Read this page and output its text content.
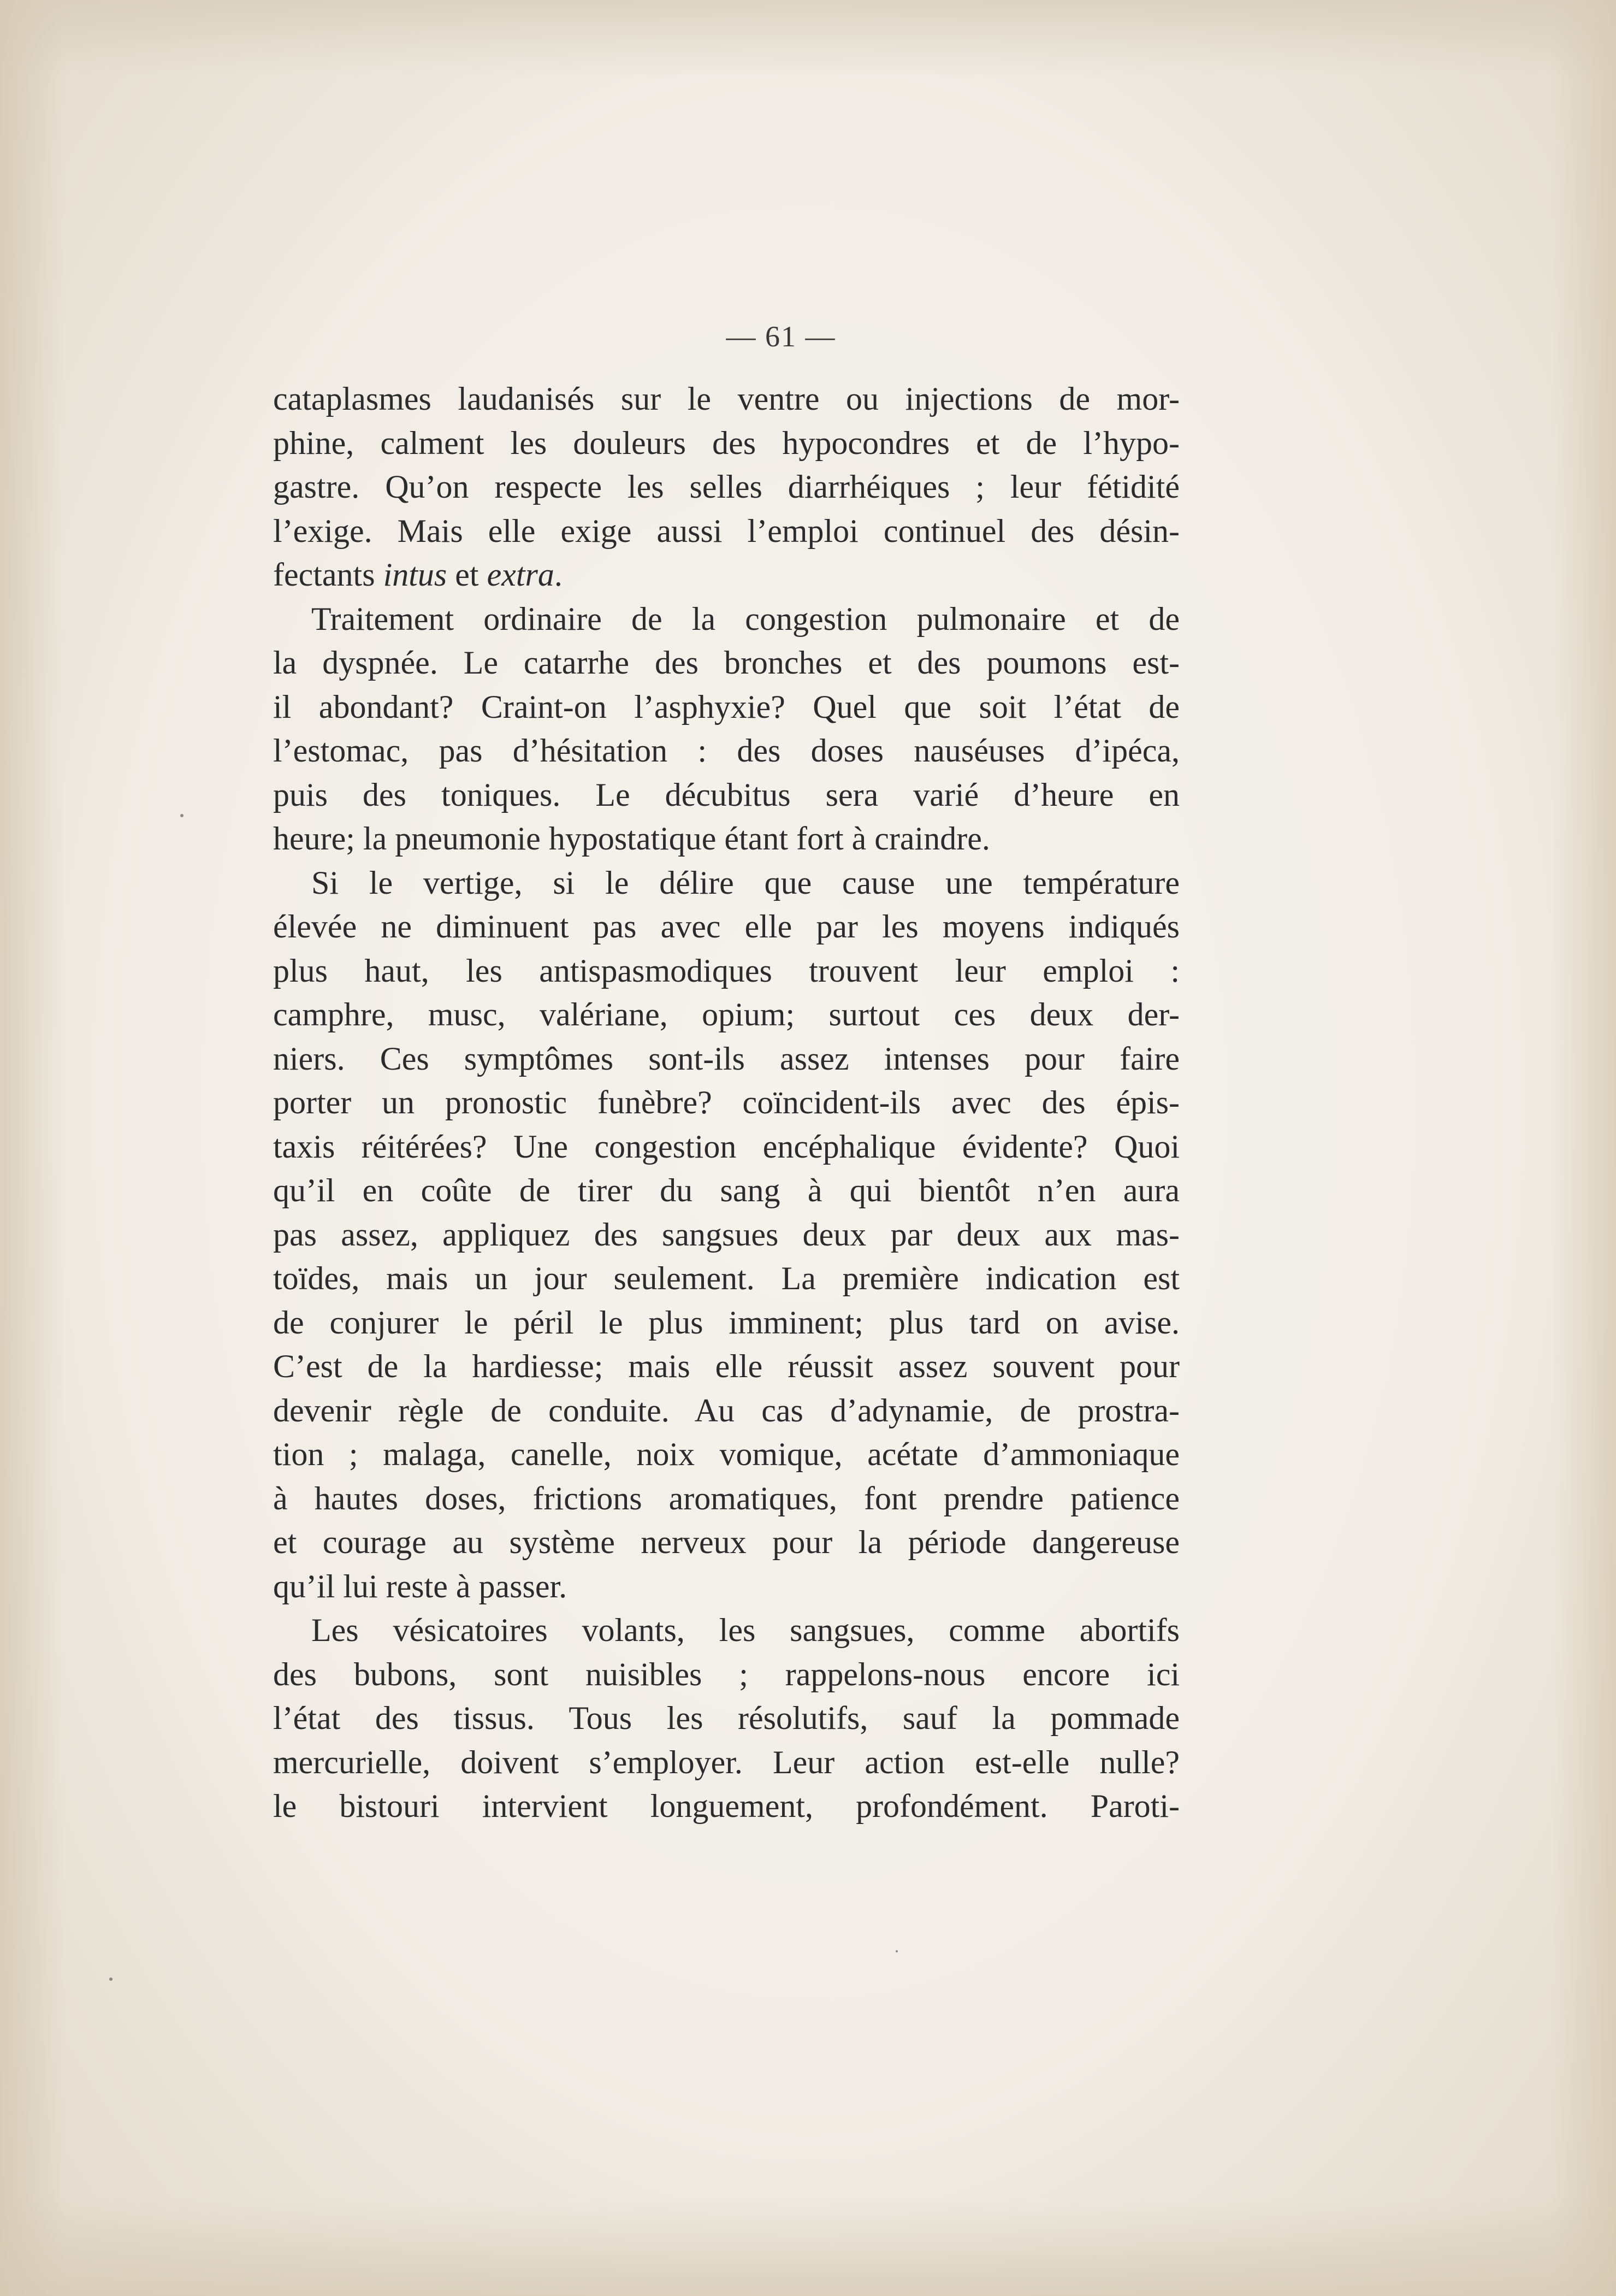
— 61 —
cataplasmes laudanisés sur le ventre ou injections de mor-
phine, calment les douleurs des hypocondres et de l’hypo-
gastre. Qu’on respecte les selles diarrhéiques ; leur fétidité
l’exige. Mais elle exige aussi l’emploi continuel des désin-
fectants intus et extra.
Traitement ordinaire de la congestion pulmonaire et de
la dyspnée. Le catarrhe des bronches et des poumons est-
il abondant? Craint-on l’asphyxie? Quel que soit l’état de
l’estomac, pas d’hésitation : des doses nauséuses d’ipéca,
puis des toniques. Le décubitus sera varié d’heure en
heure; la pneumonie hypostatique étant fort à craindre.
Si le vertige, si le délire que cause une température
élevée ne diminuent pas avec elle par les moyens indiqués
plus haut, les antispasmodiques trouvent leur emploi :
camphre, musc, valériane, opium; surtout ces deux der-
niers. Ces symptômes sont-ils assez intenses pour faire
porter un pronostic funèbre? coïncident-ils avec des épis-
taxis réitérées? Une congestion encéphalique évidente? Quoi
qu’il en coûte de tirer du sang à qui bientôt n’en aura
pas assez, appliquez des sangsues deux par deux aux mas-
toïdes, mais un jour seulement. La première indication est
de conjurer le péril le plus imminent; plus tard on avise.
C’est de la hardiesse; mais elle réussit assez souvent pour
devenir règle de conduite. Au cas d’adynamie, de prostra-
tion ; malaga, canelle, noix vomique, acétate d’ammoniaque
à hautes doses, frictions aromatiques, font prendre patience
et courage au système nerveux pour la période dangereuse
qu’il lui reste à passer.
Les vésicatoires volants, les sangsues, comme abortifs
des bubons, sont nuisibles ; rappelons-nous encore ici
l’état des tissus. Tous les résolutifs, sauf la pommade
mercurielle, doivent s’employer. Leur action est-elle nulle?
le bistouri intervient longuement, profondément. Paroti-
